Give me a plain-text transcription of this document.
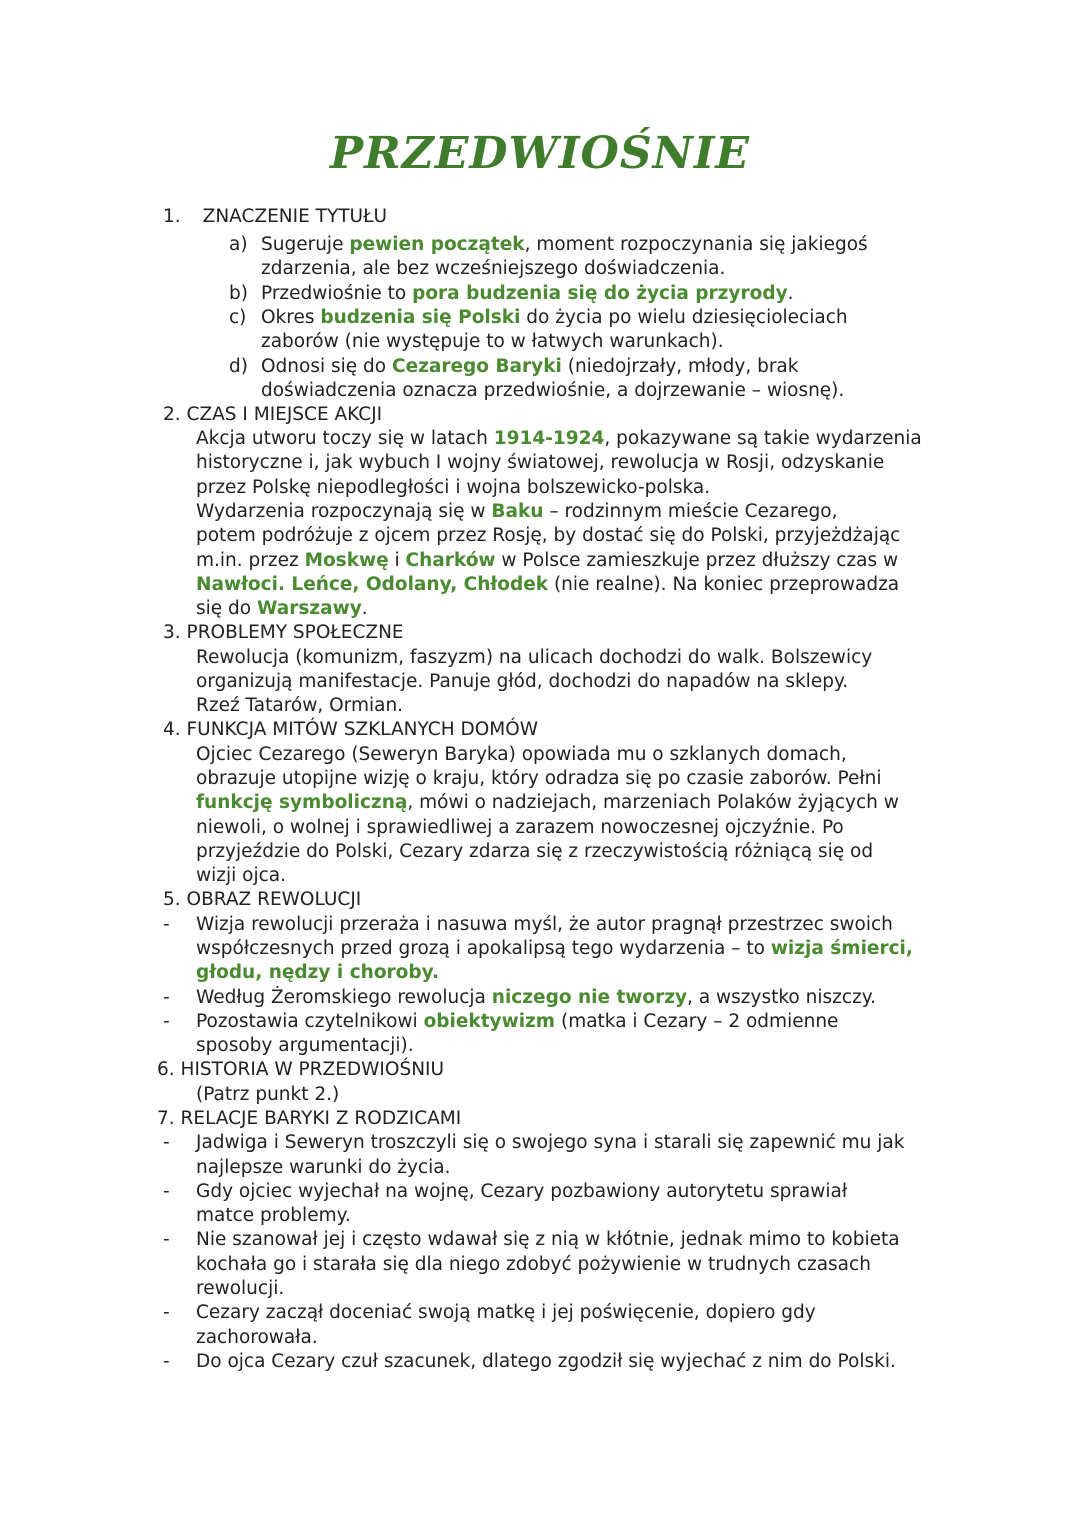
PRZEDWIOŚNIE
1. ZNACZENIE TYTUŁU
a) Sugeruje pewien początek, moment rozpoczynania się jakiegoś
zdarzenia, ale bez wcześniejszego doświadczenia.
b) Przedwiośnie to pora budzenia się do życia przyrody.
c) Okres budzenia się Polski do życia po wielu dziesięcioleciach
zaborów (nie występuje to w łatwych warunkach).
d) Odnosi się do Cezarego Baryki (niedojrzały, młody, brak
doświadczenia oznacza przedwiośnie, a dojrzewanie – wiosnę).
2. CZAS I MIEJSCE AKCJI
Akcja utworu toczy się w latach 1914-1924, pokazywane są takie wydarzenia
historyczne i, jak wybuch I wojny światowej, rewolucja w Rosji, odzyskanie
przez Polskę niepodległości i wojna bolszewicko-polska.
Wydarzenia rozpoczynają się w Baku – rodzinnym mieście Cezarego,
potem podróżuje z ojcem przez Rosję, by dostać się do Polski, przyjeżdżając
m.in. przez Moskwę i Charków w Polsce zamieszkuje przez dłuższy czas w
Nawłoci. Leńce, Odolany, Chłodek (nie realne). Na koniec przeprowadza
się do Warszawy.
3. PROBLEMY SPOŁECZNE
Rewolucja (komunizm, faszyzm) na ulicach dochodzi do walk. Bolszewicy
organizują manifestacje. Panuje głód, dochodzi do napadów na sklepy.
Rzeź Tatarów, Ormian.
4. FUNKCJA MITÓW SZKLANYCH DOMÓW
Ojciec Cezarego (Seweryn Baryka) opowiada mu o szklanych domach,
obrazuje utopijne wizję o kraju, który odradza się po czasie zaborów. Pełni
funkcję symboliczną, mówi o nadziejach, marzeniach Polaków żyjących w
niewoli, o wolnej i sprawiedliwej a zarazem nowoczesnej ojczyźnie. Po
przyjeździe do Polski, Cezary zdarza się z rzeczywistością różniącą się od
wizji ojca.
5. OBRAZ REWOLUCJI
- Wizja rewolucji przeraża i nasuwa myśl, że autor pragnął przestrzec swoich
współczesnych przed grozą i apokalipsą tego wydarzenia – to wizja śmierci,
głodu, nędzy i choroby.
- Według Żeromskiego rewolucja niczego nie tworzy, a wszystko niszczy.
- Pozostawia czytelnikowi obiektywizm (matka i Cezary – 2 odmienne
sposoby argumentacji).
6. HISTORIA W PRZEDWIOŚNIU
(Patrz punkt 2.)
7. RELACJE BARYKI Z RODZICAMI
- Jadwiga i Seweryn troszczyli się o swojego syna i starali się zapewnić mu jak
najlepsze warunki do życia.
- Gdy ojciec wyjechał na wojnę, Cezary pozbawiony autorytetu sprawiał
matce problemy.
- Nie szanował jej i często wdawał się z nią w kłótnie, jednak mimo to kobieta
kochała go i starała się dla niego zdobyć pożywienie w trudnych czasach
rewolucji.
- Cezary zaczął doceniać swoją matkę i jej poświęcenie, dopiero gdy
zachorowała.
- Do ojca Cezary czuł szacunek, dlatego zgodził się wyjechać z nim do Polski.
